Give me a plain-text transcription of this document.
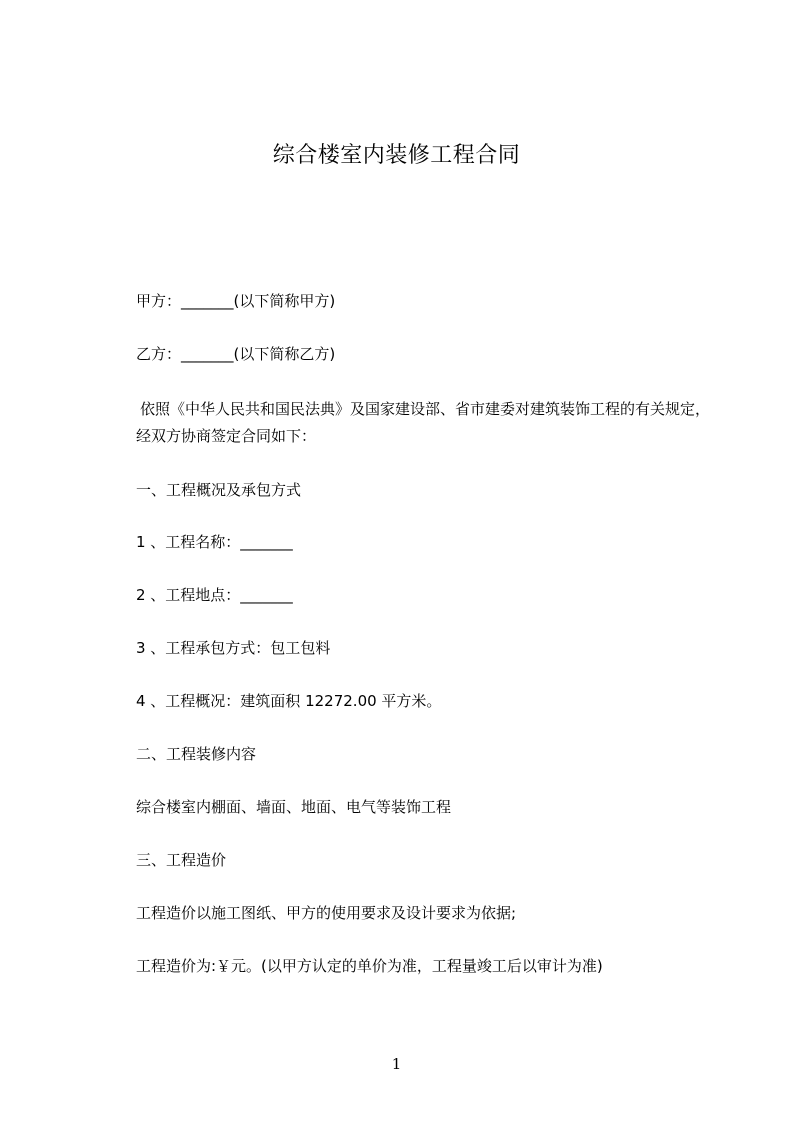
综合楼室内装修工程合同
甲方：_______(以下简称甲方)
乙方：_______(以下简称乙方)
依照《中华人民共和国民法典》及国家建设部、省市建委对建筑装饰工程的有关规定，经双方协商签定合同如下：
一、工程概况及承包方式
1 、工程名称：_______
2 、工程地点：_______
3 、工程承包方式：包工包料
4 、工程概况：建筑面积 12272.00 平方米。
二、工程装修内容
综合楼室内棚面、墙面、地面、电气等装饰工程
三、工程造价
工程造价以施工图纸、甲方的使用要求及设计要求为依据;
工程造价为:￥元。(以甲方认定的单价为准，工程量竣工后以审计为准)
1
